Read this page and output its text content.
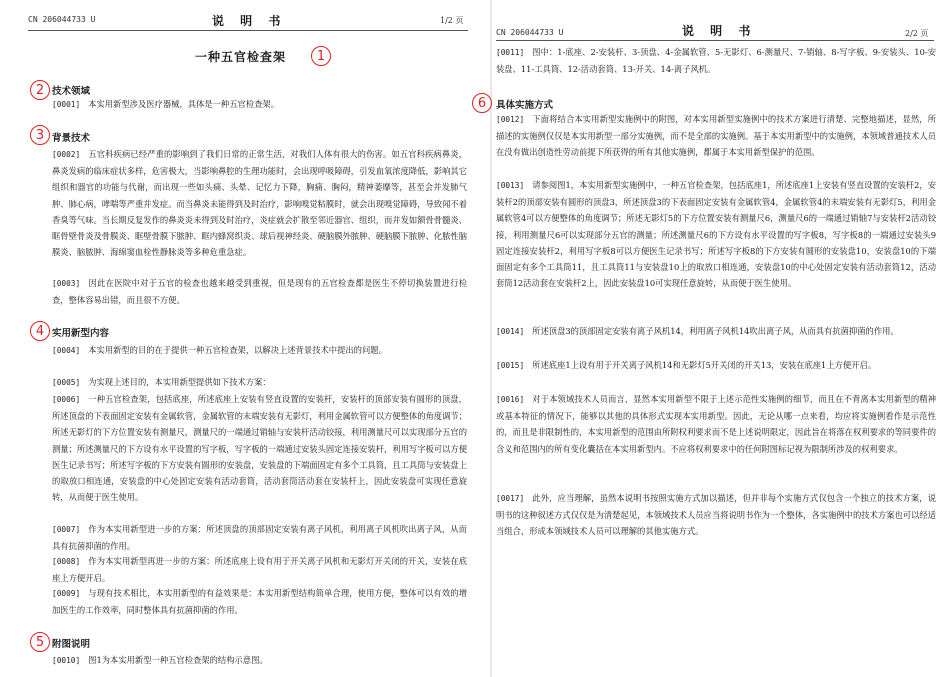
CN 206044733 U	说 明 书	1/2 页
一种五官检查架	1
2 技术领域
[0001] 本实用新型涉及医疗器械，具体是一种五官检查架。
3 背景技术
[0002] 五官科疾病已经严重的影响到了我们日常的正常生活，对我们人体有很大的伤害。如五官科疾病鼻炎，鼻炎发病的临床症状多样，危害极大，当影响鼻腔的生理功能时，会出现呼吸障碍，引发血氧浓度降低，影响其它组织和器官的功能与代谢，而出现一些如头痛、头晕、记忆力下降，胸痛、胸闷，精神萎靡等，甚至会并发肺气肿、肺心病，哮喘等严重并发症。而当鼻炎未能得到及时治疗，影响嗅觉粘膜时，就会出现嗅觉障碍，导致闻不着香臭等气味。当长期反复发作的鼻炎炎未得到及时治疗，炎症就会扩散至邻近器官、组织，而并发如额骨骨髓炎、眶骨壁骨炎及骨膜炎、眶壁骨膜下脓肿、眶内蜂窝织炎、球后视神经炎、硬脑膜外脓肿、硬脑膜下脓肿、化脓性脑膜炎、脑脓肿、海绵窦血栓性静脉炎等多种危重急症。
[0003] 因此在医院中对于五官的检查也越来越受到重视，但是现有的五官检查都是医生不停切换装置进行检查，整体容易出错，而且很不方便。
4 实用新型内容
[0004] 本实用新型的目的在于提供一种五官检查架，以解决上述背景技术中提出的问题。
[0005] 为实现上述目的，本实用新型提供如下技术方案：
[0006] 一种五官检查架，包括底座，所述底座上安装有竖直设置的安装杆，安装杆的顶部安装有圆形的顶盘，所述顶盘的下表面固定安装有金属软管，金属软管的末端安装有无影灯，利用金属软管可以方便整体的角度调节；所述无影灯的下方位置安装有测量尺，测量尺的一端通过销轴与安装杆活动铰接，利用测量尺可以实现部分五官的测量；所述测量尺的下方设有水平设置的写字板，写字板的一端通过安装头固定连接安装杆，利用写字板可以方便医生记录书写；所述写字板的下方安装有圆形的安装盘，安装盘的下端面固定有多个工具筒，且工具筒与安装盘上的取放口相连通，安装盘的中心处固定安装有活动套筒，活动套筒活动套在安装杆上，因此安装盘可实现任意旋转，从而便于医生使用。
[0007] 作为本实用新型进一步的方案：所述顶盘的顶部固定安装有离子风机，利用离子风机吹出离子风，从而具有抗菌抑菌的作用。
[0008] 作为本实用新型再进一步的方案：所述底座上设有用于开关离子风机和无影灯开关闭的开关，安装在底座上方便开启。
[0009] 与现有技术相比，本实用新型的有益效果是：本实用新型结构简单合理，使用方便，整体可以有效的增加医生的工作效率，同时整体具有抗菌抑菌的作用。
5 附图说明
[0010] 图1为本实用新型一种五官检查架的结构示意图。
CN 206044733 U	说 明 书	2/2 页
[0011] 图中：1-底座、2-安装杆、3-顶盘、4-金属软管、5-无影灯、6-测量尺、7-销轴、8-写字板、9-安装头、10-安装盘、11-工具筒、12-活动套筒、13-开关、14-离子风机。
6	具体实施方式
[0012] 下面将结合本实用新型实施例中的附图，对本实用新型实施例中的技术方案进行清楚、完整地描述，显然，所描述的实施例仅仅是本实用新型一部分实施例，而不是全部的实施例。基于本实用新型中的实施例，本领域普通技术人员在没有做出创造性劳动前提下所获得的所有其他实施例，都属于本实用新型保护的范围。
[0013] 请参阅图1，本实用新型实施例中，一种五官检查架，包括底座1，所述底座1上安装有竖直设置的安装杆2，安装杆2的顶部安装有圆形的顶盘3，所述顶盘3的下表面固定安装有金属软管4，金属软管4的末端安装有无影灯5，利用金属软管4可以方便整体的角度调节；所述无影灯5的下方位置安装有测量尺6，测量尺6的一端通过销轴7与安装杆2活动铰接，利用测量尺6可以实现部分五官的测量；所述测量尺6的下方设有水平设置的写字板8，写字板8的一端通过安装头9固定连接安装杆2，利用写字板8可以方便医生记录书写；所述写字板8的下方安装有圆形的安装盘10，安装盘10的下端面固定有多个工具筒11，且工具筒11与安装盘10上的取放口相连通，安装盘10的中心处固定安装有活动套筒12，活动套筒12活动套在安装杆2上，因此安装盘10可实现任意旋转，从而便于医生使用。
[0014] 所述顶盘3的顶部固定安装有离子风机14，利用离子风机14吹出离子风，从而具有抗菌抑菌的作用。
[0015] 所述底座1上设有用于开关离子风机14和无影灯5开关闭的开关13，安装在底座1上方便开启。
[0016] 对于本领域技术人员而言，显然本实用新型不限于上述示范性实施例的细节，而且在不背离本实用新型的精神或基本特征的情况下，能够以其他的具体形式实现本实用新型。因此，无论从哪一点来看，均应将实施例看作是示范性的，而且是非限制性的，本实用新型的范围由所附权利要求而不是上述说明限定，因此旨在将落在权利要求的等同要件的含义和范围内的所有变化囊括在本实用新型内。不应将权利要求中的任何附图标记视为限制所涉及的权利要求。
[0017] 此外，应当理解，虽然本说明书按照实施方式加以描述，但并非每个实施方式仅包含一个独立的技术方案，说明书的这种叙述方式仅仅是为清楚起见，本领域技术人员应当将说明书作为一个整体，各实施例中的技术方案也可以经适当组合，形成本领域技术人员可以理解的其他实施方式。
